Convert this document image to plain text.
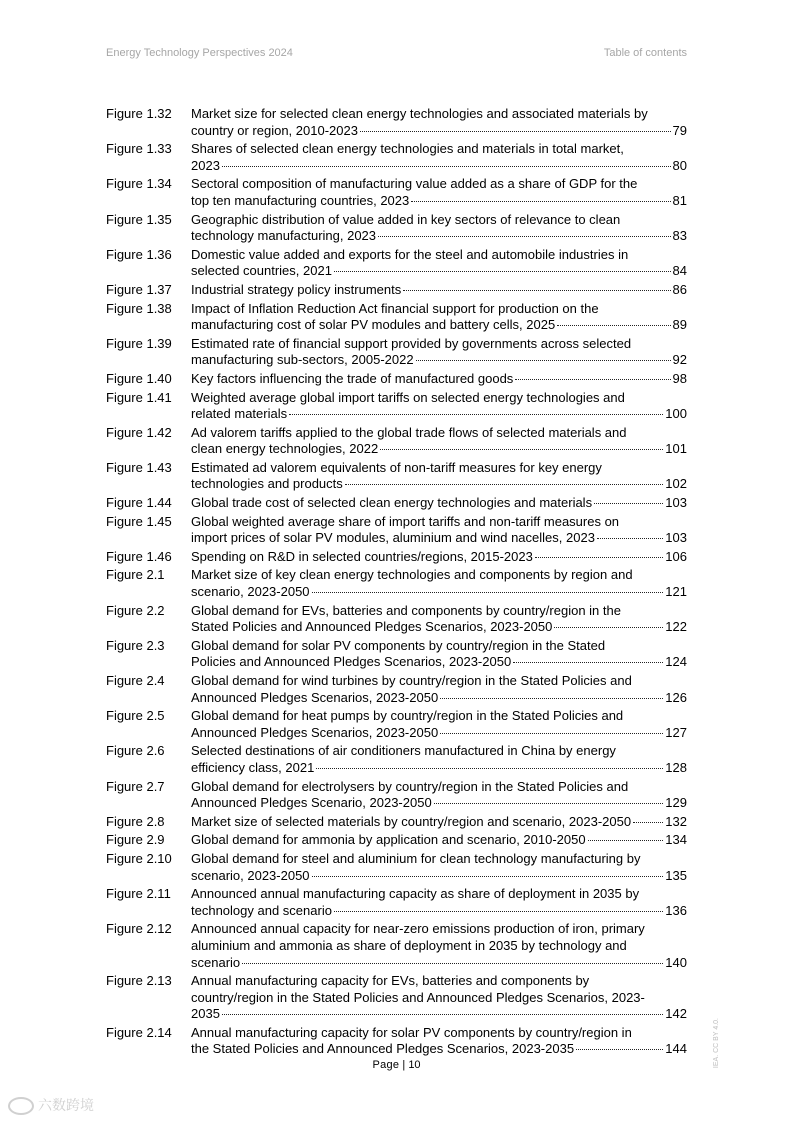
Energy Technology Perspectives 2024	Table of contents
Figure 1.32	Market size for selected clean energy technologies and associated materials by
country or region, 2010-2023	79
Figure 1.33	Shares of selected clean energy technologies and materials in total market,
2023	80
Figure 1.34	Sectoral composition of manufacturing value added as a share of GDP for the
top ten manufacturing countries, 2023	81
Figure 1.35	Geographic distribution of value added in key sectors of relevance to clean
technology manufacturing, 2023	83
Figure 1.36	Domestic value added and exports for the steel and automobile industries in
selected countries, 2021	84
Figure 1.37	Industrial strategy policy instruments	86
Figure 1.38	Impact of Inflation Reduction Act financial support for production on the
manufacturing cost of solar PV modules and battery cells, 2025	89
Figure 1.39	Estimated rate of financial support provided by governments across selected
manufacturing sub-sectors, 2005-2022	92
Figure 1.40	Key factors influencing the trade of manufactured goods	98
Figure 1.41	Weighted average global import tariffs on selected energy technologies and
related materials	100
Figure 1.42	Ad valorem tariffs applied to the global trade flows of selected materials and
clean energy technologies, 2022	101
Figure 1.43	Estimated ad valorem equivalents of non-tariff measures for key energy
technologies and products	102
Figure 1.44	Global trade cost of selected clean energy technologies and materials	103
Figure 1.45	Global weighted average share of import tariffs and non-tariff measures on
import prices of solar PV modules, aluminium and wind nacelles, 2023	103
Figure 1.46	Spending on R&D in selected countries/regions, 2015-2023	106
Figure 2.1	Market size of key clean energy technologies and components by region and
scenario, 2023-2050	121
Figure 2.2	Global demand for EVs, batteries and components by country/region in the
Stated Policies and Announced Pledges Scenarios, 2023-2050	122
Figure 2.3	Global demand for solar PV components by country/region in the Stated
Policies and Announced Pledges Scenarios, 2023-2050	124
Figure 2.4	Global demand for wind turbines by country/region in the Stated Policies and
Announced Pledges Scenarios, 2023-2050	126
Figure 2.5	Global demand for heat pumps by country/region in the Stated Policies and
Announced Pledges Scenarios, 2023-2050	127
Figure 2.6	Selected destinations of air conditioners manufactured in China by energy
efficiency class, 2021	128
Figure 2.7	Global demand for electrolysers by country/region in the Stated Policies and
Announced Pledges Scenario, 2023-2050	129
Figure 2.8	Market size of selected materials by country/region and scenario, 2023-2050	132
Figure 2.9	Global demand for ammonia by application and scenario, 2010-2050	134
Figure 2.10	Global demand for steel and aluminium for clean technology manufacturing by
scenario, 2023-2050	135
Figure 2.11	Announced annual manufacturing capacity as share of deployment in 2035 by
technology and scenario	136
Figure 2.12	Announced annual capacity for near-zero emissions production of iron, primary
aluminium and ammonia as share of deployment in 2035 by technology and
scenario	140
Figure 2.13	Annual manufacturing capacity for EVs, batteries and components by
country/region in the Stated Policies and Announced Pledges Scenarios, 2023-
2035	142
Figure 2.14	Annual manufacturing capacity for solar PV components by country/region in
the Stated Policies and Announced Pledges Scenarios, 2023-2035	144
Page | 10	IEA. CC BY 4.0.
六数跨境
